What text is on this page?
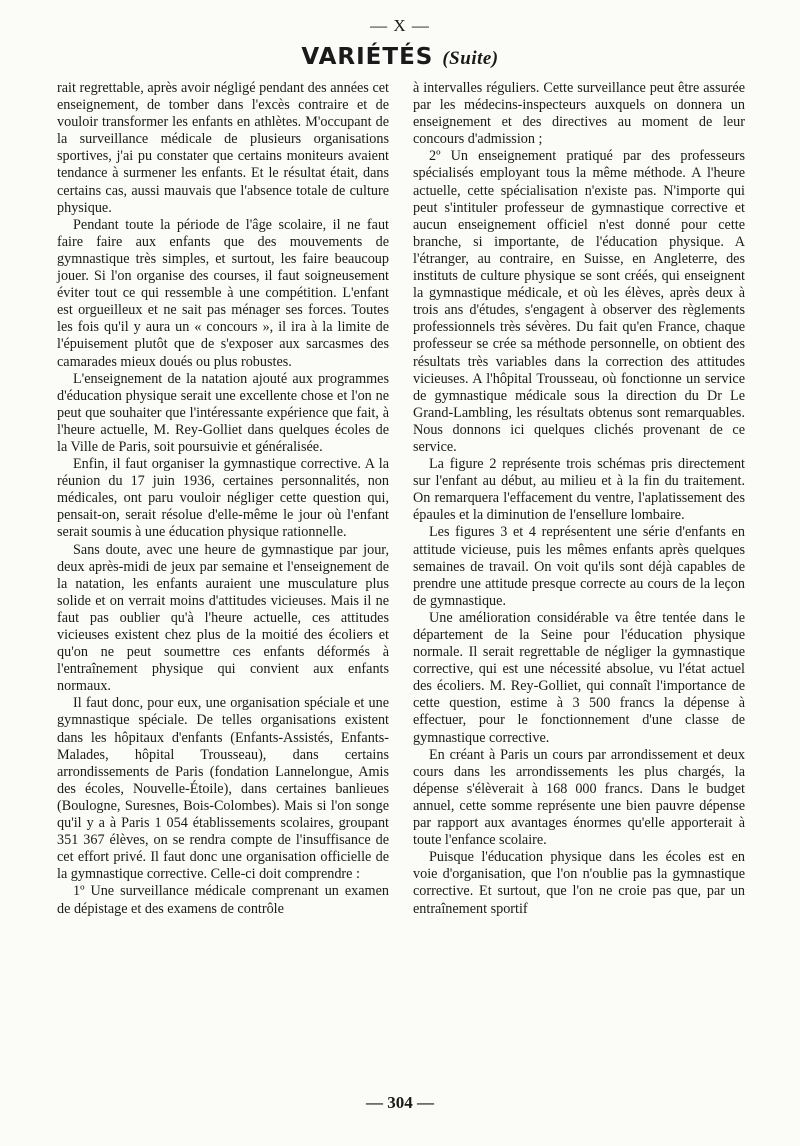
— X —
VARIÉTÉS (Suite)

rait regrettable, après avoir négligé pendant des années cet enseignement, de tomber dans l'excès contraire et de vouloir transformer les enfants en athlètes. M'occupant de la surveillance médicale de plusieurs organisations sportives, j'ai pu constater que certains moniteurs avaient tendance à surmener les enfants. Et le résultat était, dans certains cas, aussi mauvais que l'absence totale de culture physique.

Pendant toute la période de l'âge scolaire, il ne faut faire faire aux enfants que des mouvements de gymnastique très simples, et surtout, les faire beaucoup jouer. Si l'on organise des courses, il faut soigneusement éviter tout ce qui ressemble à une compétition. L'enfant est orgueilleux et ne sait pas ménager ses forces. Toutes les fois qu'il y aura un « concours », il ira à la limite de l'épuisement plutôt que de s'exposer aux sarcasmes des camarades mieux doués ou plus robustes.

L'enseignement de la natation ajouté aux programmes d'éducation physique serait une excellente chose et l'on ne peut que souhaiter que l'intéressante expérience que fait, à l'heure actuelle, M. Rey-Golliet dans quelques écoles de la Ville de Paris, soit poursuivie et généralisée.

Enfin, il faut organiser la gymnastique corrective. A la réunion du 17 juin 1936, certaines personnalités, non médicales, ont paru vouloir négliger cette question qui, pensait-on, serait résolue d'elle-même le jour où l'enfant serait soumis à une éducation physique rationnelle.

Sans doute, avec une heure de gymnastique par jour, deux après-midi de jeux par semaine et l'enseignement de la natation, les enfants auraient une musculature plus solide et on verrait moins d'attitudes vicieuses. Mais il ne faut pas oublier qu'à l'heure actuelle, ces attitudes vicieuses existent chez plus de la moitié des écoliers et qu'on ne peut soumettre ces enfants déformés à l'entraînement physique qui convient aux enfants normaux.

Il faut donc, pour eux, une organisation spéciale et une gymnastique spéciale. De telles organisations existent dans les hôpitaux d'enfants (Enfants-Assistés, Enfants-Malades, hôpital Trousseau), dans certains arrondissements de Paris (fondation Lannelongue, Amis des écoles, Nouvelle-Étoile), dans certaines banlieues (Boulogne, Suresnes, Bois-Colombes). Mais si l'on songe qu'il y a à Paris 1 054 établissements scolaires, groupant 351 367 élèves, on se rendra compte de l'insuffisance de cet effort privé. Il faut donc une organisation officielle de la gymnastique corrective. Celle-ci doit comprendre :

1º Une surveillance médicale comprenant un examen de dépistage et des examens de contrôle

à intervalles réguliers. Cette surveillance peut être assurée par les médecins-inspecteurs auxquels on donnera un enseignement et des directives au moment de leur concours d'admission ;

2º Un enseignement pratiqué par des professeurs spécialisés employant tous la même méthode. A l'heure actuelle, cette spécialisation n'existe pas. N'importe qui peut s'intituler professeur de gymnastique corrective et aucun enseignement officiel n'est donné pour cette branche, si importante, de l'éducation physique. A l'étranger, au contraire, en Suisse, en Angleterre, des instituts de culture physique se sont créés, qui enseignent la gymnastique médicale, et où les élèves, après deux à trois ans d'études, s'engagent à observer des règlements professionnels très sévères. Du fait qu'en France, chaque professeur se crée sa méthode personnelle, on obtient des résultats très variables dans la correction des attitudes vicieuses. A l'hôpital Trousseau, où fonctionne un service de gymnastique médicale sous la direction du Dr Le Grand-Lambling, les résultats obtenus sont remarquables. Nous donnons ici quelques clichés provenant de ce service.

La figure 2 représente trois schémas pris directement sur l'enfant au début, au milieu et à la fin du traitement. On remarquera l'effacement du ventre, l'aplatissement des épaules et la diminution de l'ensellure lombaire.

Les figures 3 et 4 représentent une série d'enfants en attitude vicieuse, puis les mêmes enfants après quelques semaines de travail. On voit qu'ils sont déjà capables de prendre une attitude presque correcte au cours de la leçon de gymnastique.

Une amélioration considérable va être tentée dans le département de la Seine pour l'éducation physique normale. Il serait regrettable de négliger la gymnastique corrective, qui est une nécessité absolue, vu l'état actuel des écoliers. M. Rey-Golliet, qui connaît l'importance de cette question, estime à 3 500 francs la dépense à effectuer, pour le fonctionnement d'une classe de gymnastique corrective.

En créant à Paris un cours par arrondissement et deux cours dans les arrondissements les plus chargés, la dépense s'élèverait à 168 000 francs. Dans le budget annuel, cette somme représente une bien pauvre dépense par rapport aux avantages énormes qu'elle apporterait à toute l'enfance scolaire.

Puisque l'éducation physique dans les écoles est en voie d'organisation, que l'on n'oublie pas la gymnastique corrective. Et surtout, que l'on ne croie pas que, par un entraînement sportif

— 304 —
